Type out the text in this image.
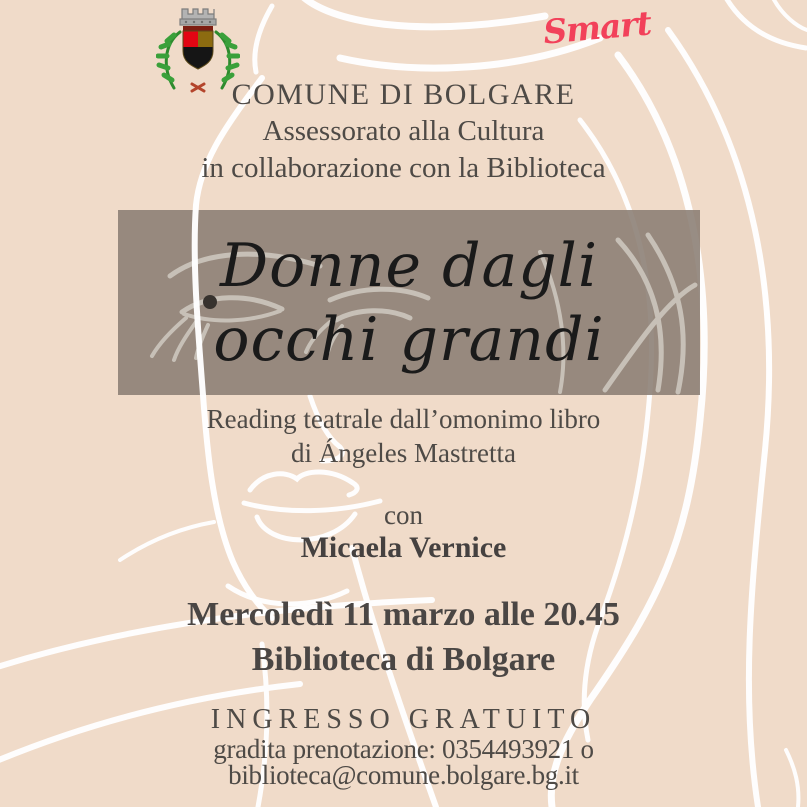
Smart
COMUNE DI BOLGARE
Assessorato alla Cultura
in collaborazione con la Biblioteca
Donne dagli
occhi grandi
Reading teatrale dall’omonimo libro
di Ángeles Mastretta
con
Micaela Vernice
Mercoledì 11 marzo alle 20.45
Biblioteca di Bolgare
INGRESSO GRATUITO
gradita prenotazione: 0354493921 o
biblioteca@comune.bolgare.bg.it
